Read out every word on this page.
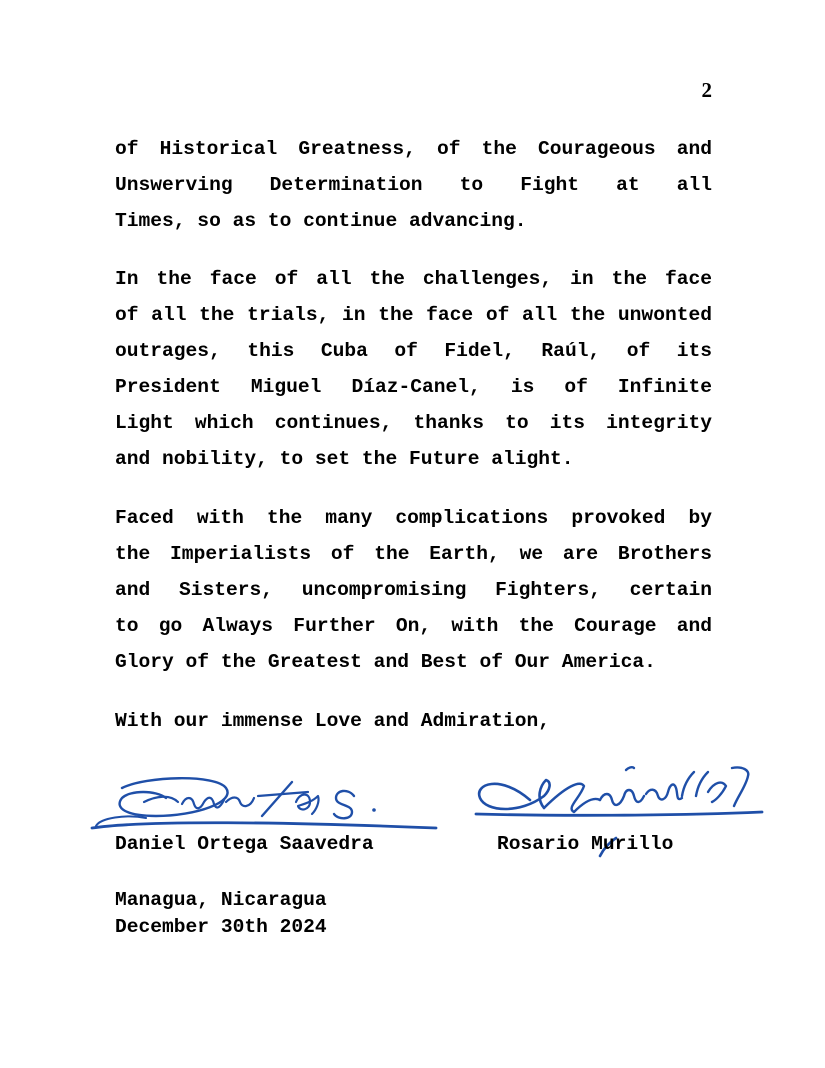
2
of Historical Greatness, of the Courageous and
Unswerving Determination to Fight at all
Times, so as to continue advancing.
In the face of all the challenges, in the face
of all the trials, in the face of all the unwonted
outrages, this Cuba of Fidel, Raúl, of its
President Miguel Díaz-Canel, is of Infinite
Light which continues, thanks to its integrity
and nobility, to set the Future alight.
Faced with the many complications provoked by
the Imperialists of the Earth, we are Brothers
and Sisters, uncompromising Fighters, certain
to go Always Further On, with the Courage and
Glory of the Greatest and Best of Our America.
With our immense Love and Admiration,
Daniel Ortega Saavedra	Rosario Murillo
Managua, Nicaragua
December 30th 2024
